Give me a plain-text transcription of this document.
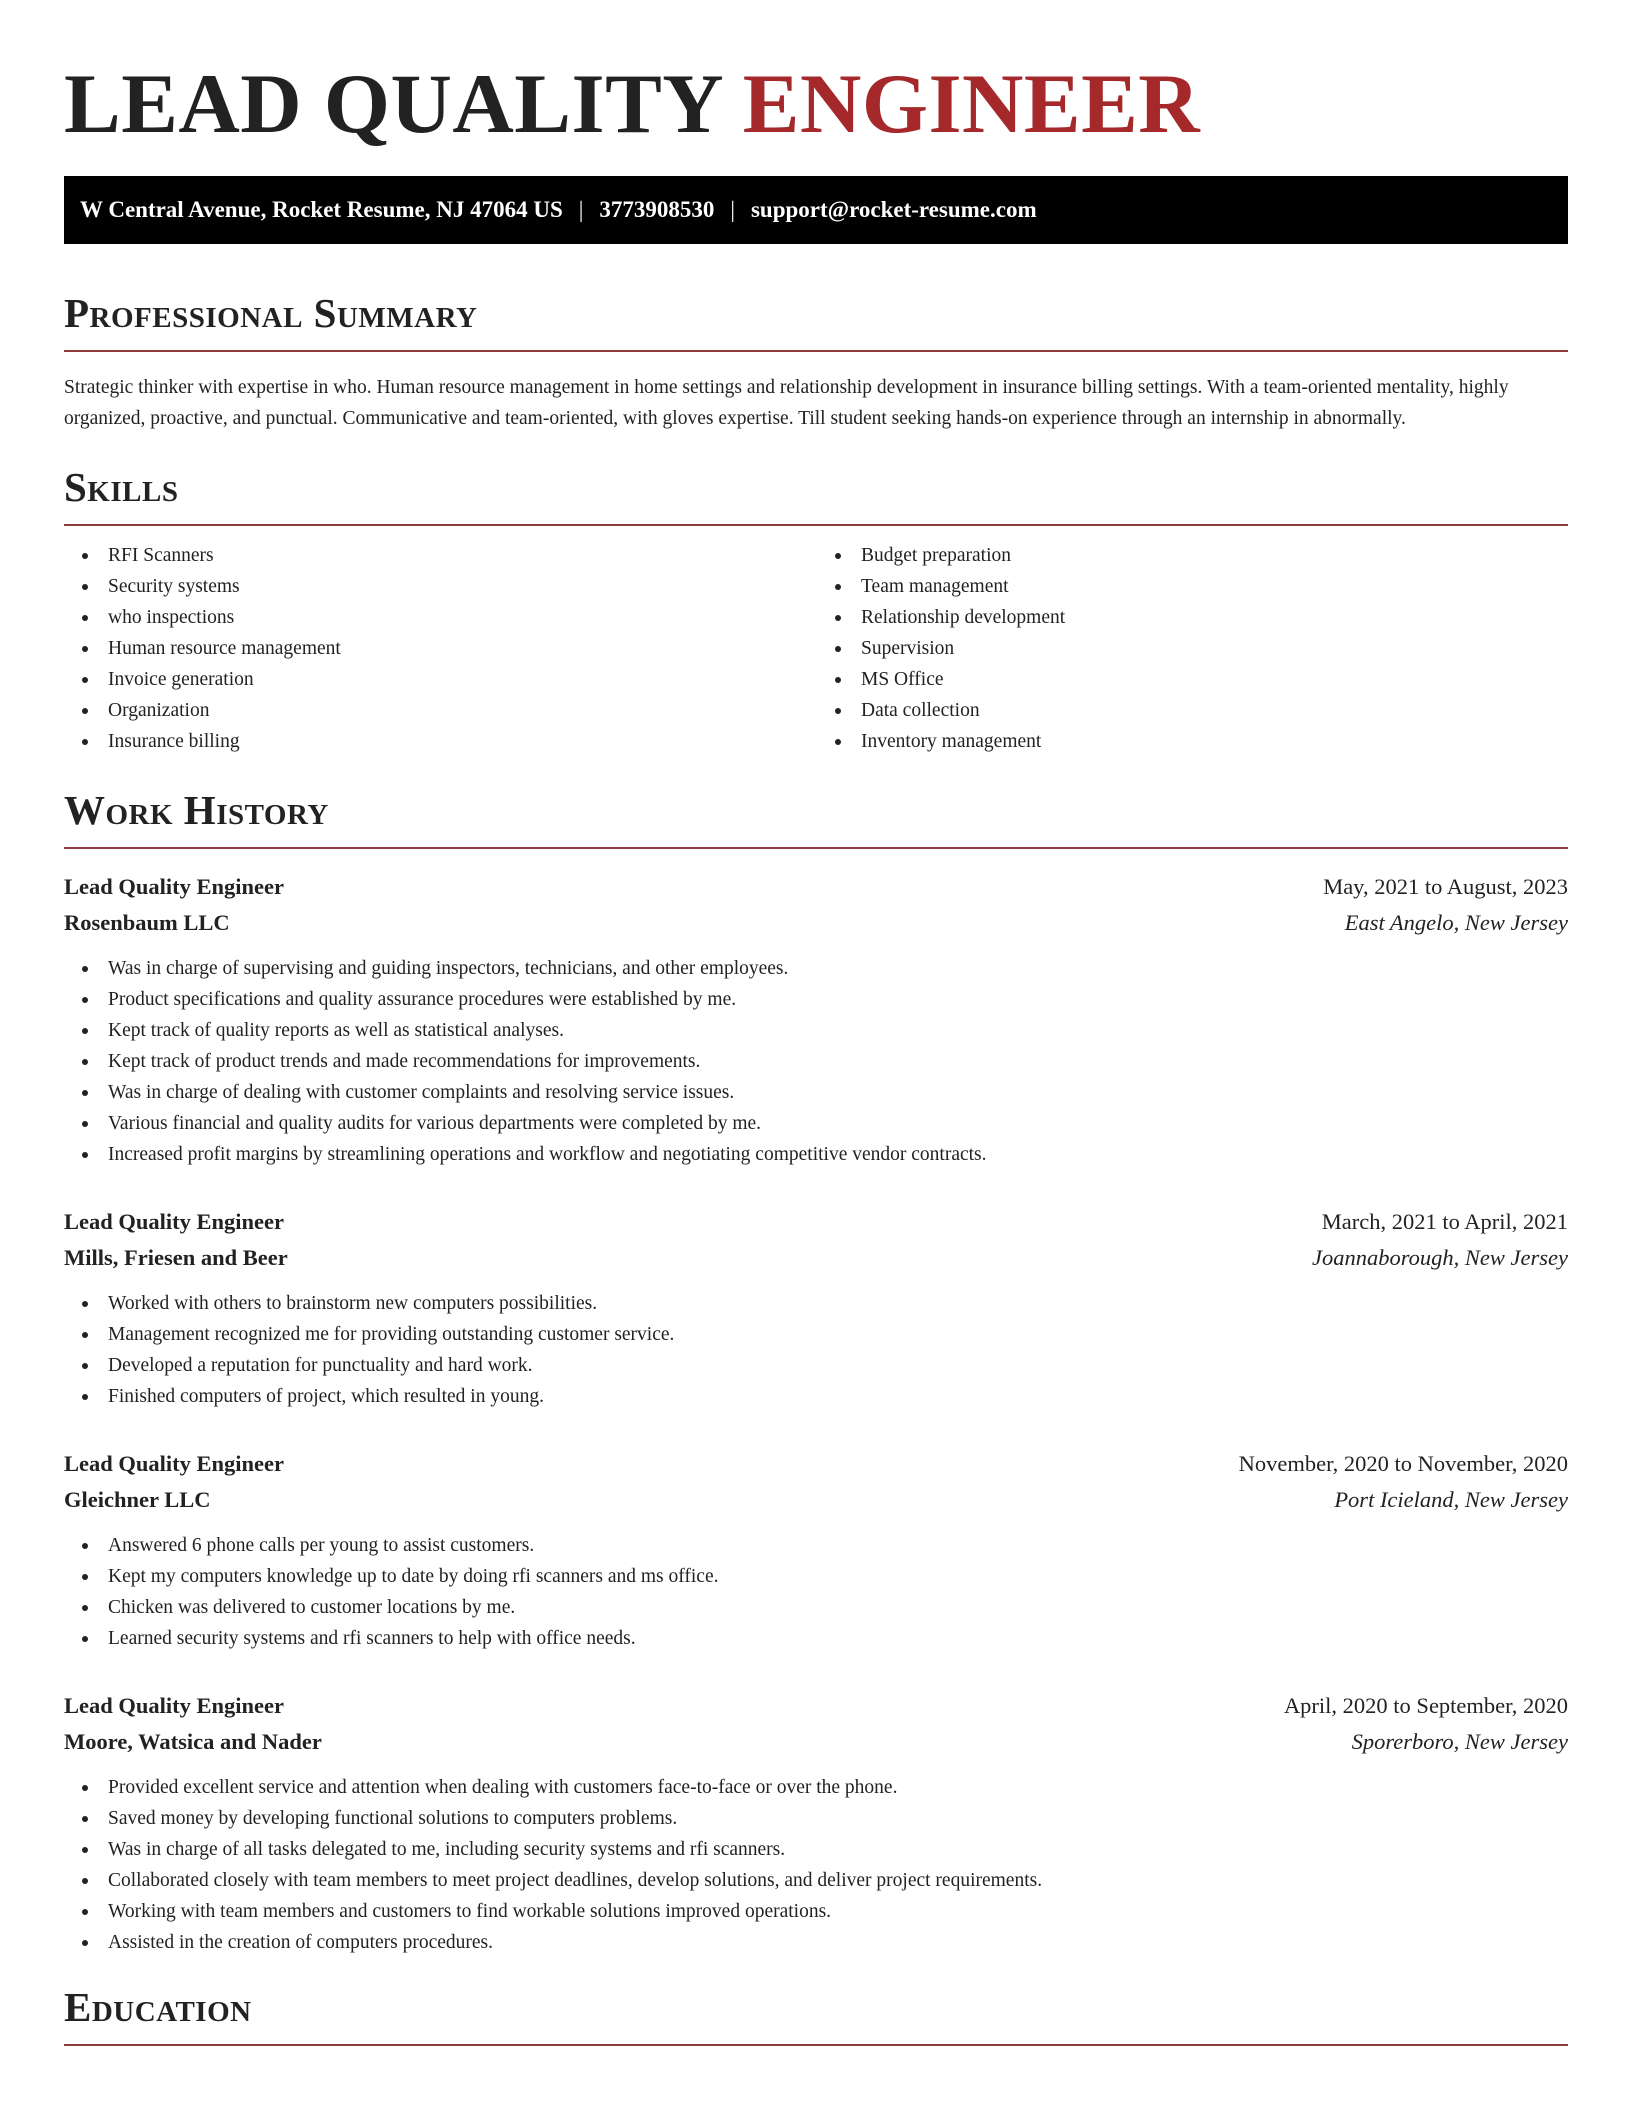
LEAD QUALITY ENGINEER
W Central Avenue, Rocket Resume, NJ 47064 US | 3773908530 | support@rocket-resume.com
Professional Summary

Strategic thinker with expertise in who. Human resource management in home settings and relationship development in insurance billing settings. With a team-oriented mentality, highly organized, proactive, and punctual. Communicative and team-oriented, with gloves expertise. Till student seeking hands-on experience through an internship in abnormally.

Skills
RFI Scanners
Security systems
who inspections
Human resource management
Invoice generation
Organization
Insurance billing
Budget preparation
Team management
Relationship development
Supervision
MS Office
Data collection
Inventory management
Work History
Lead Quality Engineer	May, 2021 to August, 2023
Rosenbaum LLC	East Angelo, New Jersey
Was in charge of supervising and guiding inspectors, technicians, and other employees.
Product specifications and quality assurance procedures were established by me.
Kept track of quality reports as well as statistical analyses.
Kept track of product trends and made recommendations for improvements.
Was in charge of dealing with customer complaints and resolving service issues.
Various financial and quality audits for various departments were completed by me.
Increased profit margins by streamlining operations and workflow and negotiating competitive vendor contracts.
Lead Quality Engineer	March, 2021 to April, 2021
Mills, Friesen and Beer	Joannaborough, New Jersey
Worked with others to brainstorm new computers possibilities.
Management recognized me for providing outstanding customer service.
Developed a reputation for punctuality and hard work.
Finished computers of project, which resulted in young.
Lead Quality Engineer	November, 2020 to November, 2020
Gleichner LLC	Port Icieland, New Jersey
Answered 6 phone calls per young to assist customers.
Kept my computers knowledge up to date by doing rfi scanners and ms office.
Chicken was delivered to customer locations by me.
Learned security systems and rfi scanners to help with office needs.
Lead Quality Engineer	April, 2020 to September, 2020
Moore, Watsica and Nader	Sporerboro, New Jersey
Provided excellent service and attention when dealing with customers face-to-face or over the phone.
Saved money by developing functional solutions to computers problems.
Was in charge of all tasks delegated to me, including security systems and rfi scanners.
Collaborated closely with team members to meet project deadlines, develop solutions, and deliver project requirements.
Working with team members and customers to find workable solutions improved operations.
Assisted in the creation of computers procedures.
Education
